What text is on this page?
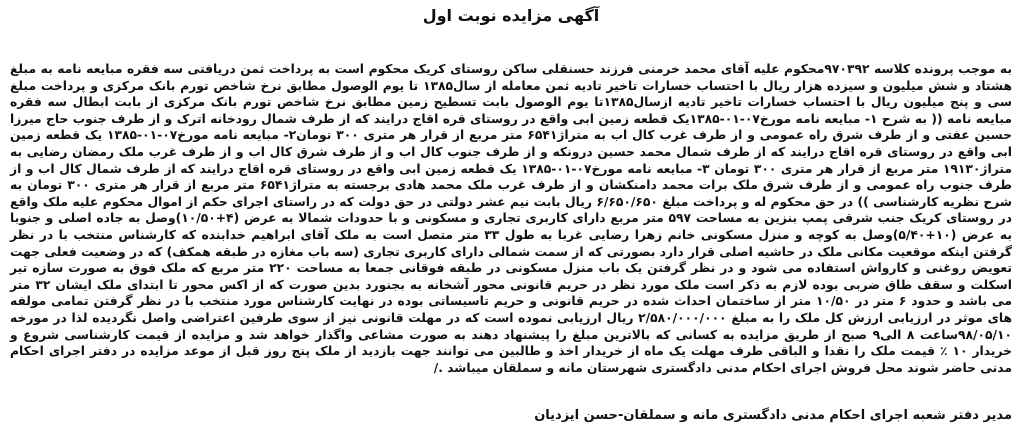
آگهی مزایده نوبت اول

به موجب پرونده کلاسه ۹۷۰۳۹۲محکوم علیه آقای محمد خرمنی فرزند حسنقلی ساکن روستای کریک محکوم است به پرداخت ثمن دریافتی سه فقره مبایعه نامه به مبلغ هشتاد و شش میلیون و سیزده هزار ریال با احتساب خسارات تاخیر تادیه ثمن معامله از سال۱۳۸۵ تا یوم الوصول مطابق نرخ شاخص تورم بانک مرکزی و پرداخت مبلغ سی و پنج میلیون ریال با احتساب خسارات تاخیر تادیه ازسال۱۳۸۵تا یوم الوصول بابت تسطیح زمین مطابق نرخ شاخص تورم بانک مرکزی از بابت ابطال سه فقره مبایعه نامه (( به شرح ۱- مبایعه نامه مورخ۰۷-۰۱-۱۳۸۵یک قطعه زمین ابی واقع در روستای قره اقاج درایند که از طرف شمال رودخانه اترک و از طرف جنوب حاج میرزا حسین عفتی و از طرف شرق راه عمومی و از طرف غرب کال اب به متراژ۶۵۴۱ متر مربع از قرار هر متری ۳۰۰ تومان۲- مبایعه نامه مورخ۰۷-۰۱-۱۳۸۵ یک قطعه زمین ابی واقع در روستای قره اقاج درایند که از طرف شمال محمد حسین درونکه و از طرف جنوب کال اب و از طرف شرق کال اب و از طرف غرب ملک رمضان رضایی به متراژ۱۹۱۳۰ متر مربع از قرار هر متری ۳۰۰ تومان ۳- مبایعه نامه مورخ۰۷-۰۱-۱۳۸۵ یک قطعه زمین ابی واقع در روستای قره اقاج درایند که از طرف شمال کال اب و از طرف جنوب راه عمومی و از طرف شرق ملک برات محمد دامنکشان و از طرف غرب ملک محمد هادی برجسته به متراژ۶۵۴۱ متر مربع از قرار هر متری ۳۰۰ تومان به شرح نظریه کارشناسی )) در حق محکوم له و پرداخت مبلغ ۶/۶۵۰/۶۵۰ ریال بابت نیم عشر دولتی در حق دولت که در راستای اجرای حکم از اموال محکوم علیه ملک واقع در روستای کریک جنب شرقی پمپ بنزین به مساحت ۵۹۷ متر مربع دارای کاربری تجاری و مسکونی و با حدودات شمالا به عرض (۴+۱۰/۵۰)وصل به جاده اصلی و جنوبا به عرض (۱۰+۵/۴۰)وصل به کوچه و منزل مسکونی خانم زهرا رضایی غربا به طول ۳۳ متر متصل است به ملک آقای ابراهیم خدابنده که کارشناس منتخب با در نظر گرفتن اینکه موقعیت مکانی ملک در حاشیه اصلی قرار دارد بصورتی که از سمت شمالی دارای کاربری تجاری (سه باب مغازه در طبقه همکف) که در وضعیت فعلی جهت تعویض روغنی و کارواش استفاده می شود و در نظر گرفتن یک باب منزل مسکونی در طبقه فوقانی جمعا به مساحت ۲۲۰ متر مربع که ملک فوق به صورت سازه تیر اسکلت و سقف طاق ضربی بوده لازم به ذکر است ملک مورد نظر در حریم قانونی محور آشخانه به بجنورد بدین صورت که از اکس محور تا ابتدای ملک ایشان ۳۲ متر می باشد و حدود ۶ متر در ۱۰/۵۰ متر از ساختمان احداث شده در حریم قانونی و حریم تاسیساتی بوده در نهایت کارشناس مورد منتخب با در نظر گرفتن تمامی مولفه های موثر در ارزیابی ارزش کل ملک را به مبلغ ۲/۵۸۰/۰۰۰/۰۰۰ ریال ارزیابی نموده است که در مهلت قانونی نیز از سوی طرفین اعتراضی واصل نگردیده لذا در مورخه ۹۸/۰۵/۱۰ساعت ۸ الی۹ صبح از طریق مزایده به کسانی که بالاترین مبلغ را پیشنهاد دهند به صورت مشاعی واگذار خواهد شد و مزایده از قیمت کارشناسی شروع و خریدار ۱۰ ٪ قیمت ملک را نقدا و الباقی طرف مهلت یک ماه از خریدار اخذ و طالبین می توانند جهت بازدید از ملک پنج روز قبل از موعد مزایده در دفتر اجرای احکام مدنی حاضر شوند محل فروش اجرای احکام مدنی دادگستری شهرستان مانه و سملقان میباشد ./

مدیر دفتر شعبه اجرای احکام مدنی دادگستری مانه و سملقان-حسن ایزدیان
